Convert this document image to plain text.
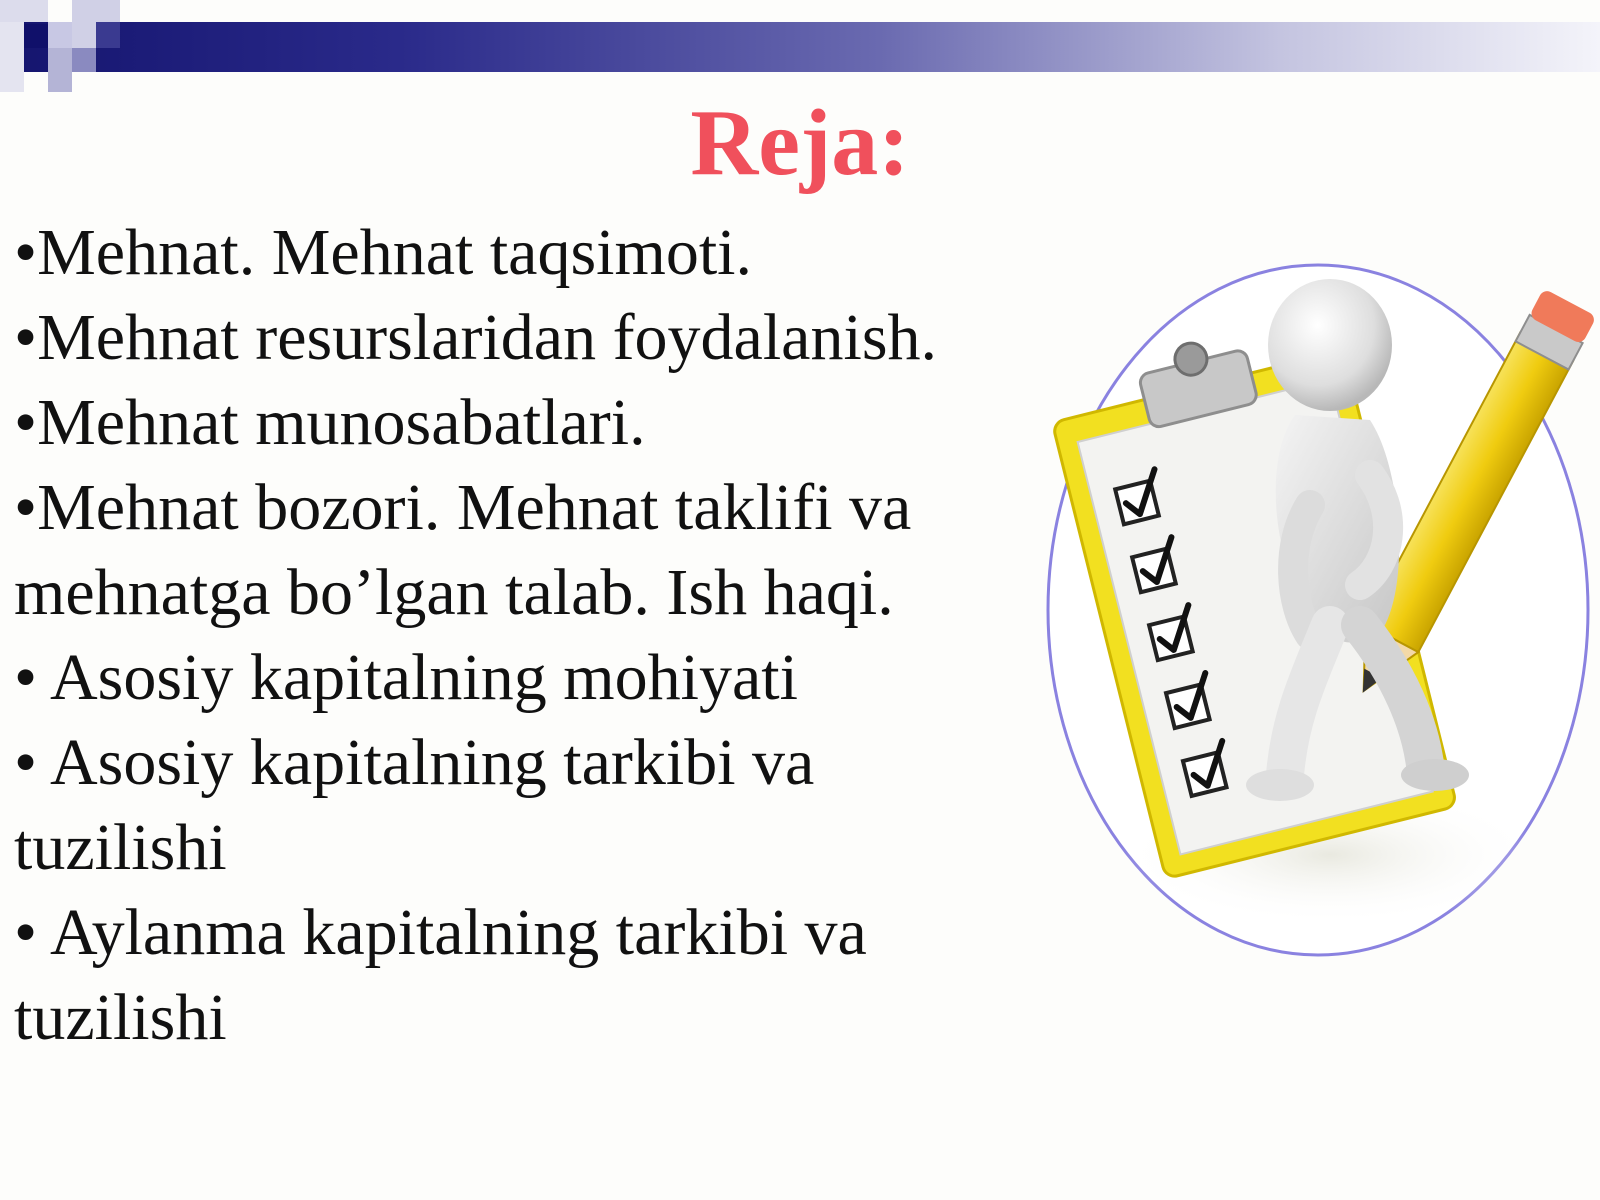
Reja:
•Mehnat. Mehnat taqsimoti.
•Mehnat resurslaridan foydalanish.
•Mehnat munosabatlari.
•Mehnat bozori. Mehnat taklifi va mehnatga bo’lgan talab. Ish haqi.
• Asosiy kapitalning mohiyati
• Asosiy kapitalning tarkibi va tuzilishi
• Aylanma kapitalning tarkibi va tuzilishi
